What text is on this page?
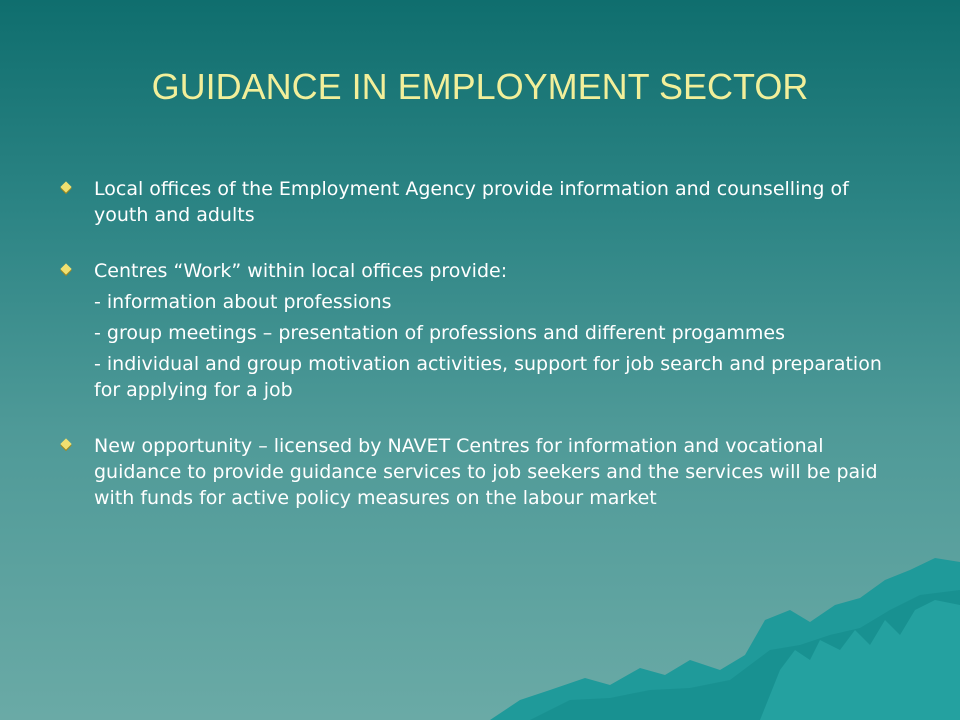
GUIDANCE IN EMPLOYMENT SECTOR
Local offices of the Employment Agency provide information and counselling of youth and adults
Centres “Work” within local offices provide:
- information about professions
- group meetings – presentation of professions and different progammes
- individual and group motivation activities, support for job search and preparation for applying for a job
New opportunity – licensed by NAVET Centres for information and vocational guidance to provide guidance services to job seekers and the services will be paid with funds for active policy measures on the labour market
